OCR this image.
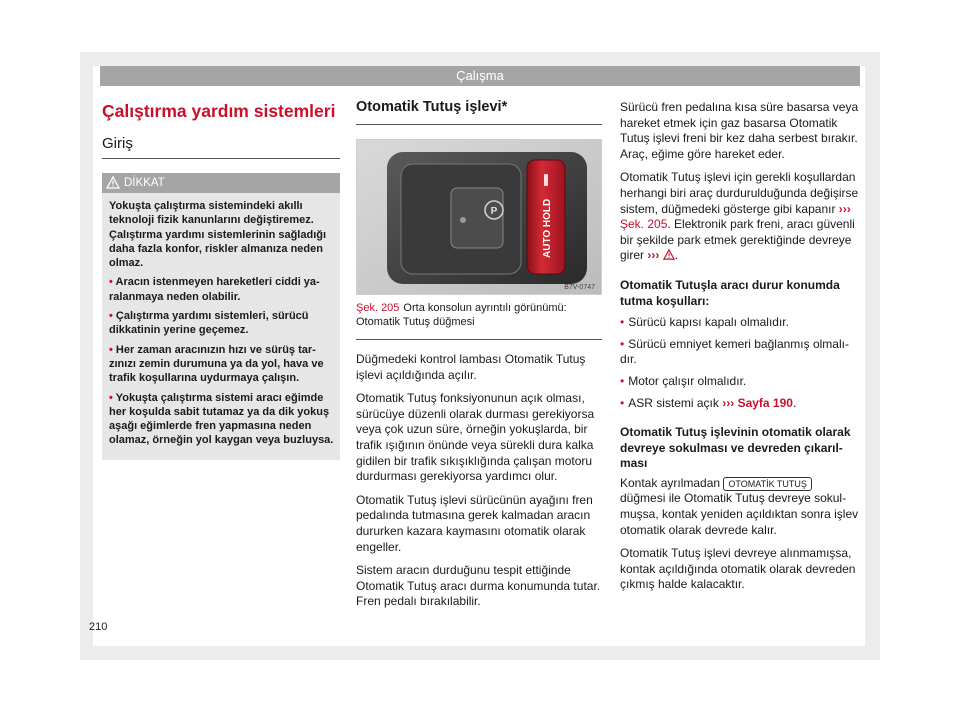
Çalışma
Çalıştırma yardım sistemleri
Giriş
DİKKAT

Yokuşta çalıştırma sistemindeki akıllı teknoloji fizik kanunlarını değiştiremez. Çalıştırma yardımı sistemlerinin sağladığı daha fazla konfor, riskler almanıza neden olmaz.

• Aracın istenmeyen hareketleri ciddi yaralanmaya neden olabilir.

• Çalıştırma yardımı sistemleri, sürücü dikkatinin yerine geçemez.

• Her zaman aracınızın hızı ve sürüş tarzınızı zemin durumuna ya da yol, hava ve trafik koşullarına uydurmaya çalışın.

• Yokuşta çalıştırma sistemi aracı eğimde her koşulda sabit tutamaz ya da dik yokuş aşağı eğimlerde fren yapmasına neden olamaz, örneğin yol kaygan veya buzluysa.

Otomatik Tutuş işlevi*
P	AUTO HOLD
B7V-0747
Şek. 205 Orta konsolun ayrıntılı görünümü: Otomatik Tutuş düğmesi

Düğmedeki kontrol lambası Otomatik Tutuş işlevi açıldığında açılır.

Otomatik Tutuş fonksiyonunun açık olması, sürücüye düzenli olarak durması gerekiyorsa veya çok uzun süre, örneğin yokuşlarda, bir trafik ışığının önünde veya sürekli dura kalka gidilen bir trafik sıkışıklığında çalışan motoru durdurması gerekiyorsa yardımcı olur.

Otomatik Tutuş işlevi sürücünün ayağını fren pedalında tutmasına gerek kalmadan aracın dururken kazara kaymasını otomatik olarak engeller.

Sistem aracın durduğunu tespit ettiğinde Otomatik Tutuş aracı durma konumunda tutar. Fren pedalı bırakılabilir.

Sürücü fren pedalına kısa süre basarsa veya hareket etmek için gaz basarsa Otomatik Tutuş işlevi freni bir kez daha serbest bırakır. Araç, eğime göre hareket eder.

Otomatik Tutuş işlevi için gerekli koşullardan herhangi biri araç durdurulduğunda değişirse sistem, düğmedeki gösterge gibi kapanır ››› Şek. 205. Elektronik park freni, aracı güvenli bir şekilde park etmek gerektiğinde devreye girer ››› .

Otomatik Tutuşla aracı durur konumda tutma koşulları:
• Sürücü kapısı kapalı olmalıdır.
• Sürücü emniyet kemeri bağlanmış olmalıdır.
• Motor çalışır olmalıdır.
• ASR sistemi açık ››› Sayfa 190.
Otomatik Tutuş işlevinin otomatik olarak devreye sokulması ve devreden çıkarılması

Kontak ayrılmadan OTOMATİK TUTUŞ düğmesi ile Otomatik Tutuş devreye sokulmuşsa, kontak yeniden açıldıktan sonra işlev otomatik olarak devrede kalır.

Otomatik Tutuş işlevi devreye alınmamışsa, kontak açıldığında otomatik olarak devreden çıkmış halde kalacaktır.

210
